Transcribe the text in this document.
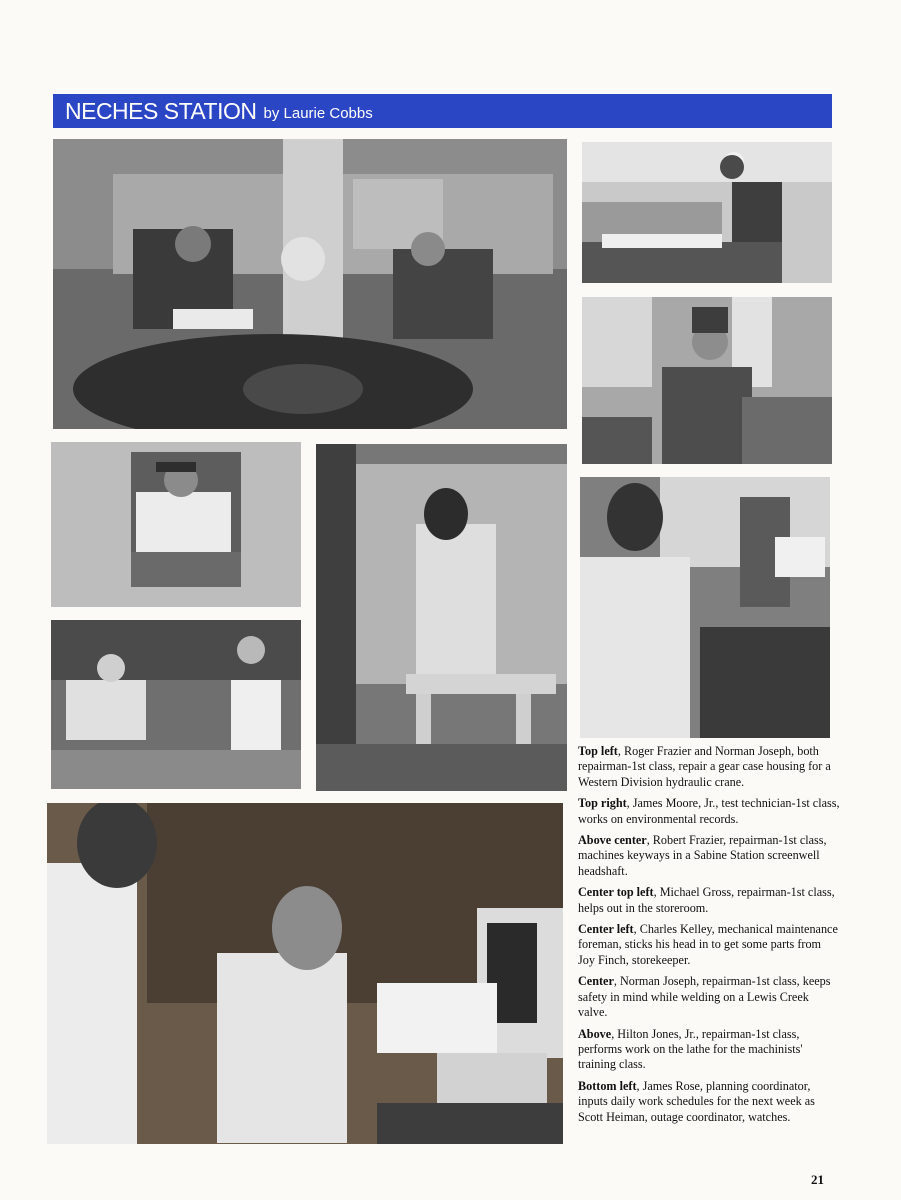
NECHES STATION by Laurie Cobbs

Top left, Roger Frazier and Norman Joseph, both repairman-1st class, repair a gear case housing for a Western Division hydraulic crane.

Top right, James Moore, Jr., test technician-1st class, works on environmental records.

Above center, Robert Frazier, repairman-1st class, machines keyways in a Sabine Station screenwell headshaft.

Center top left, Michael Gross, repairman-1st class, helps out in the storeroom.

Center left, Charles Kelley, mechanical maintenance foreman, sticks his head in to get some parts from Joy Finch, storekeeper.

Center, Norman Joseph, repairman-1st class, keeps safety in mind while welding on a Lewis Creek valve.

Above, Hilton Jones, Jr., repairman-1st class, performs work on the lathe for the machinists' training class.

Bottom left, James Rose, planning coordinator, inputs daily work schedules for the next week as Scott Heiman, outage coordinator, watches.

21
